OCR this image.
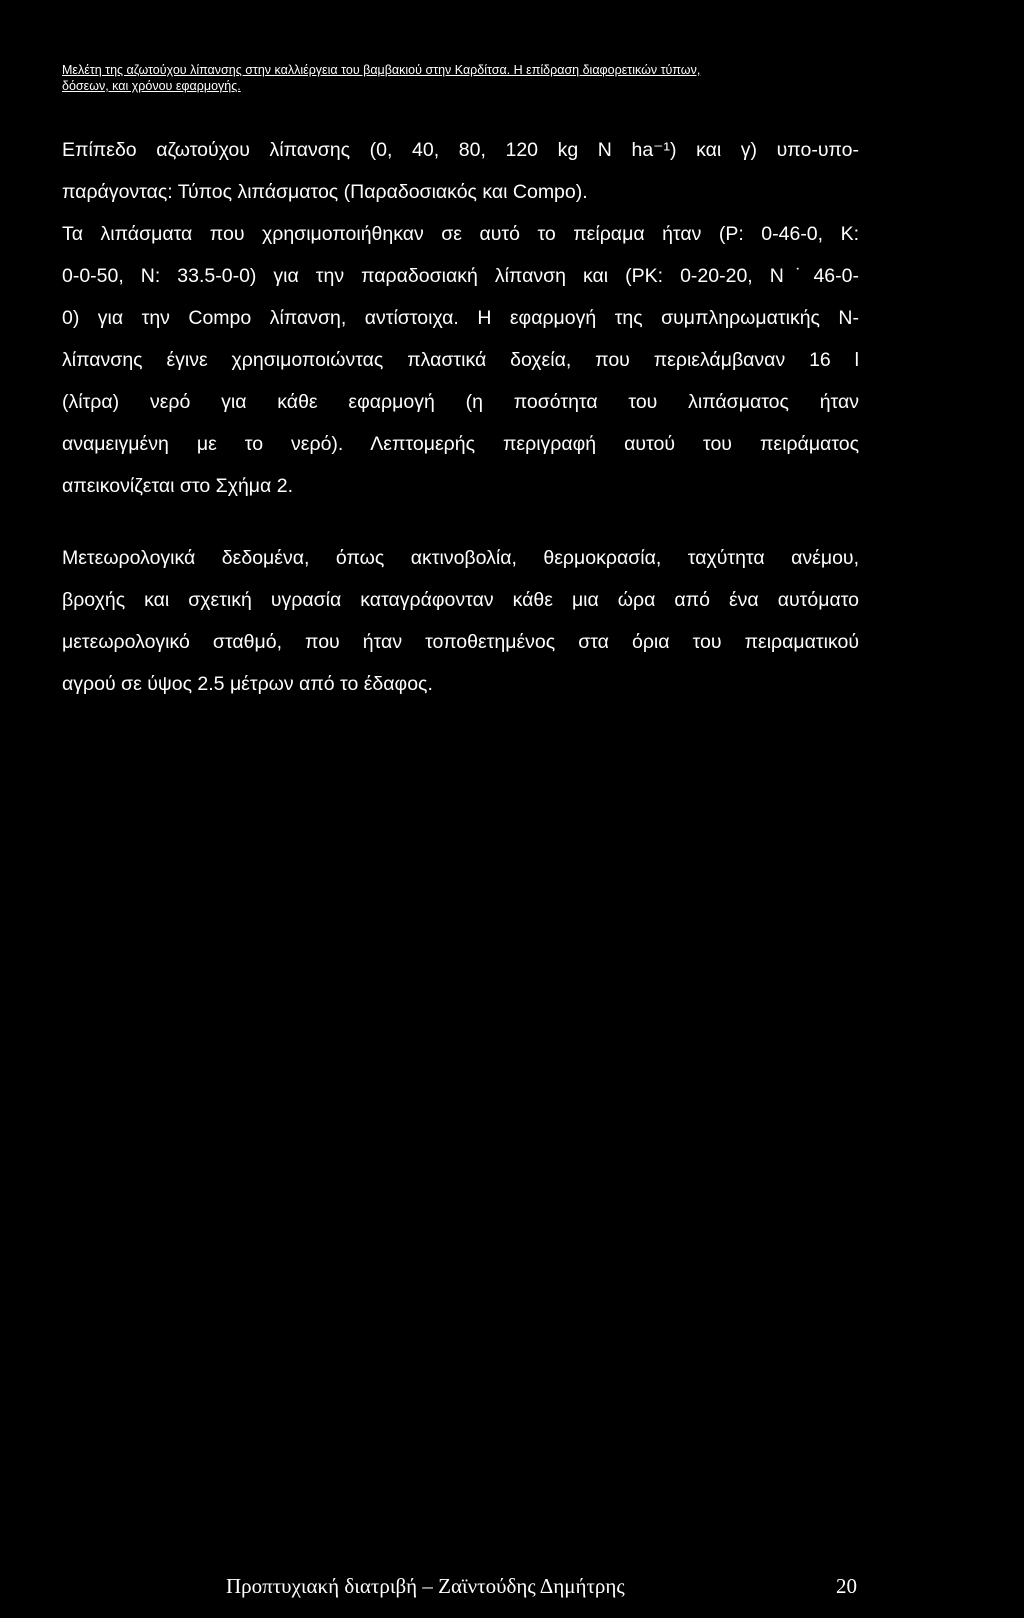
Μελέτη της αζωτούχου λίπανσης στην καλλιέργεια του βαμβακιού στην Καρδίτσα. Η επίδραση διαφορετικών τύπων,
δόσεων, και χρόνου εφαρμογής.
Επίπεδο αζωτούχου λίπανσης (0, 40, 80, 120 kg N ha⁻¹) και γ) υπο-υπο-
παράγοντας: Τύπος λιπάσματος (Παραδοσιακός και Compo).
Τα λιπάσματα που χρησιμοποιήθηκαν σε αυτό το πείραμα ήταν (P: 0-46-0, K:
0-0-50, N: 33.5-0-0) για την παραδοσιακή λίπανση και (PK: 0-20-20, N˙46-0-
0) για την Compo λίπανση, αντίστοιχα. Η εφαρμογή της συμπληρωματικής N-
λίπανσης έγινε χρησιμοποιώντας πλαστικά δοχεία, που περιελάμβαναν 16 l
(λίτρα) νερό για κάθε εφαρμογή (η ποσότητα του λιπάσματος ήταν
αναμειγμένη με το νερό). Λεπτομερής περιγραφή αυτού του πειράματος
απεικονίζεται στο Σχήμα 2.
Μετεωρολογικά δεδομένα, όπως ακτινοβολία, θερμοκρασία, ταχύτητα ανέμου,
βροχής και σχετική υγρασία καταγράφονταν κάθε μια ώρα από ένα αυτόματο
μετεωρολογικό σταθμό, που ήταν τοποθετημένος στα όρια του πειραματικού
αγρού σε ύψος 2.5 μέτρων από το έδαφος.
Προπτυχιακή διατριβή – Ζαϊντούδης Δημήτρης	20
